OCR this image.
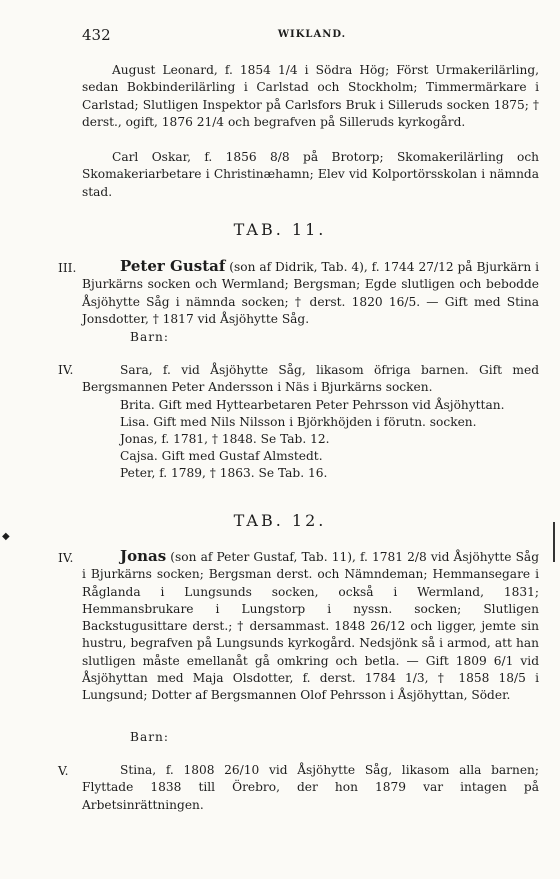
432	WIKLAND.
August Leonard, f. 1854 1/4 i Södra Hög; Först Urmakerilärling, sedan Bokbinderilärling i Carlstad och Stockholm; Timmermärkare i Carlstad; Slutligen Inspektor på Carlsfors Bruk i Silleruds socken 1875; † derst., ogift, 1876 21/4 och begrafven på Silleruds kyrkogård.
Carl Oskar, f. 1856 8/8 på Brotorp; Skomakerilärling och Skomakeriarbetare i Christinæhamn; Elev vid Kolportörsskolan i nämnda stad.
TAB. 11.
III.	Peter Gustaf (son af Didrik, Tab. 4), f. 1744 27/12 på Bjurkärn i Bjurkärns socken och Wermland; Bergsman; Egde slutligen och bebodde Åsjöhytte Såg i nämnda socken; † derst. 1820 16/5. — Gift med Stina Jonsdotter, † 1817 vid Åsjöhytte Såg.
Barn:
IV.	Sara, f. vid Åsjöhytte Såg, likasom öfriga barnen. Gift med Bergsmannen Peter Andersson i Näs i Bjurkärns socken.
Brita. Gift med Hyttearbetaren Peter Pehrsson vid Åsjöhyttan.
Lisa. Gift med Nils Nilsson i Björkhöjden i förutn. socken.
Jonas, f. 1781, † 1848. Se Tab. 12.
Cajsa. Gift med Gustaf Almstedt.
Peter, f. 1789, † 1863. Se Tab. 16.
TAB. 12.
◆
IV.	Jonas (son af Peter Gustaf, Tab. 11), f. 1781 2/8 vid Åsjöhytte Såg i Bjurkärns socken; Bergsman derst. och Nämndeman; Hemmansegare i Råglanda i Lungsunds socken, också i Wermland, 1831; Hemmansbrukare i Lungstorp i nyssn. socken; Slutligen Backstugusittare derst.; † dersammast. 1848 26/12 och ligger, jemte sin hustru, begrafven på Lungsunds kyrkogård. Nedsjönk så i armod, att han slutligen måste emellanåt gå omkring och betla. — Gift 1809 6/1 vid Åsjöhyttan med Maja Olsdotter, f. derst. 1784 1/3, † 1858 18/5 i Lungsund; Dotter af Bergsmannen Olof Pehrsson i Åsjöhyttan, Söder.
Barn:
V.	Stina, f. 1808 26/10 vid Åsjöhytte Såg, likasom alla barnen; Flyttade 1838 till Örebro, der hon 1879 var intagen på Arbetsinrättningen.
